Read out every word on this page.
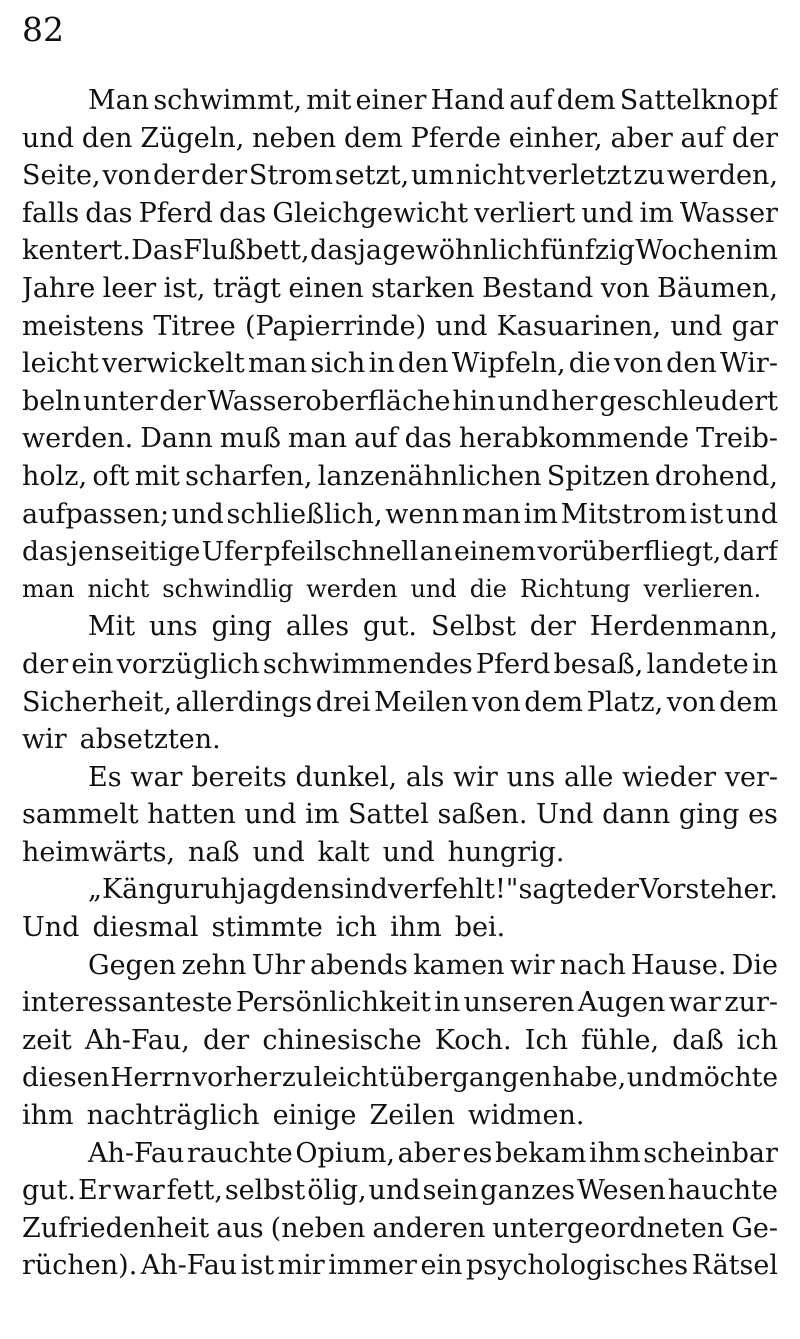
82
Man schwimmt, mit einer Hand auf dem Sattelknopf
und den Zügeln, neben dem Pferde einher, aber auf der
Seite, von der der Strom setzt, um nicht verletzt zu werden,
falls das Pferd das Gleichgewicht verliert und im Wasser
kentert. Das Flußbett, das ja gewöhnlich fünfzig Wochen im
Jahre leer ist, trägt einen starken Bestand von Bäumen,
meistens Titree (Papierrinde) und Kasuarinen, und gar
leicht verwickelt man sich in den Wipfeln, die von den Wir-
beln unter der Wasseroberfläche hin und her geschleudert
werden. Dann muß man auf das herabkommende Treib-
holz, oft mit scharfen, lanzenähnlichen Spitzen drohend,
aufpassen; und schließlich, wenn man im Mitstrom ist und
das jenseitige Ufer pfeilschnell an einem vorüberfliegt, darf
man nicht schwindlig werden und die Richtung verlieren.
Mit uns ging alles gut. Selbst der Herdenmann,
der ein vorzüglich schwimmendes Pferd besaß, landete in
Sicherheit, allerdings drei Meilen von dem Platz, von dem
wir absetzten.
Es war bereits dunkel, als wir uns alle wieder ver-
sammelt hatten und im Sattel saßen. Und dann ging es
heimwärts, naß und kalt und hungrig.
„Känguruhjagden sind verfehlt!" sagte der Vorsteher.
Und diesmal stimmte ich ihm bei.
Gegen zehn Uhr abends kamen wir nach Hause. Die
interessanteste Persönlichkeit in unseren Augen war zur-
zeit Ah-Fau, der chinesische Koch. Ich fühle, daß ich
diesen Herrn vorher zu leicht übergangen habe, und möchte
ihm nachträglich einige Zeilen widmen.
Ah-Fau rauchte Opium, aber es bekam ihm scheinbar
gut. Er war fett, selbst ölig, und sein ganzes Wesen hauchte
Zufriedenheit aus (neben anderen untergeordneten Ge-
rüchen). Ah-Fau ist mir immer ein psychologisches Rätsel
